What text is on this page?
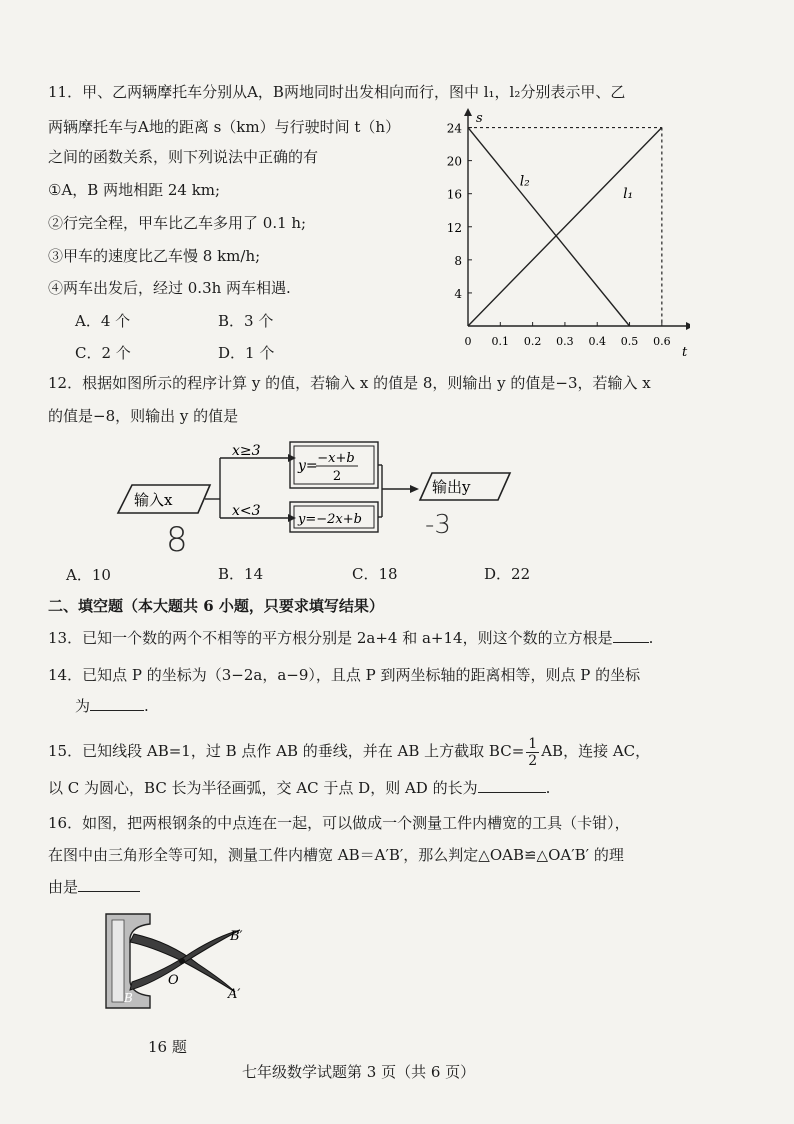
11．甲、乙两辆摩托车分别从A，B两地同时出发相向而行，图中 l₁，l₂分别表示甲、乙
两辆摩托车与A地的距离 s（km）与行驶时间 t（h）
之间的函数关系，则下列说法中正确的有
①A，B 两地相距 24 km;
②行完全程，甲车比乙车多用了 0.1 h;
③甲车的速度比乙车慢 8 km/h;
④两车出发后，经过 0.3h 两车相遇.
A．4 个	B．3 个
C．2 个	D．1 个
s
t
4
8
12
16
20
24
0 0.1 0.2 0.3 0.4 0.5 0.6
l₁
l₂
12．根据如图所示的程序计算 y 的值，若输入 x 的值是 8，则输出 y 的值是−3，若输入 x
的值是−8，则输出 y 的值是
输入x
x≥3
x<3
y= −x+b
2
y=−2x+b
输出y
8	-3
A．10	B．14	C．18	D．22
二、填空题（本大题共 6 小题，只要求填写结果）
13．已知一个数的两个不相等的平方根分别是 2a+4 和 a+14，则这个数的立方根是 .
14．已知点 P 的坐标为（3−2a，a−9），且点 P 到两坐标轴的距离相等，则点 P 的坐标
为	.
15．已知线段 AB=1，过 B 点作 AB 的垂线，并在 AB 上方截取 $BC= \frac{1}{2}$ AB，连接 AC，
以 C 为圆心，BC 长为半径画弧，交 AC 于点 D，则 AD 的长为	.
16．如图，把两根钢条的中点连在一起，可以做成一个测量工件内槽宽的工具（卡钳），
在图中由三角形全等可知，测量工件内槽宽 AB＝A′B′，那么判定△OAB≌△OA′B′ 的理
由是
B′
A′
O
B
16 题
七年级数学试题第 3 页（共 6 页）
